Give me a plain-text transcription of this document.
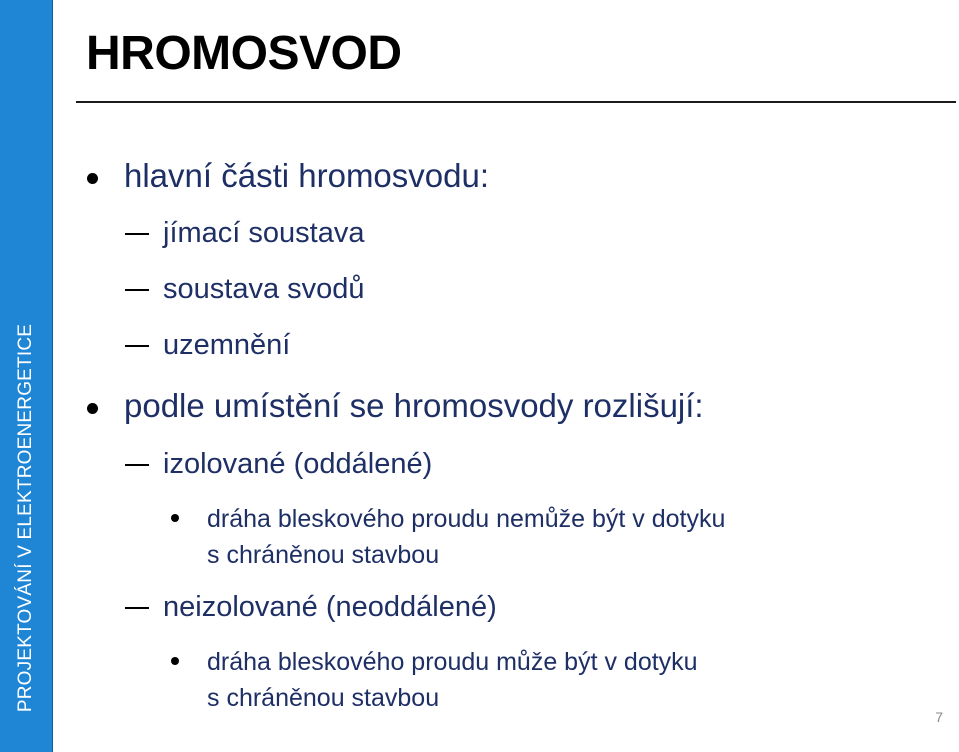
PROJEKTOVÁNÍ V ELEKTROENERGETICE
HROMOSVOD
hlavní části hromosvodu:
jímací soustava
soustava svodů
uzemnění
podle umístění se hromosvody rozlišují:
izolované (oddálené)
dráha bleskového proudu nemůže být v dotyku
s chráněnou stavbou
neizolované (neoddálené)
dráha bleskového proudu může být v dotyku
s chráněnou stavbou
7
